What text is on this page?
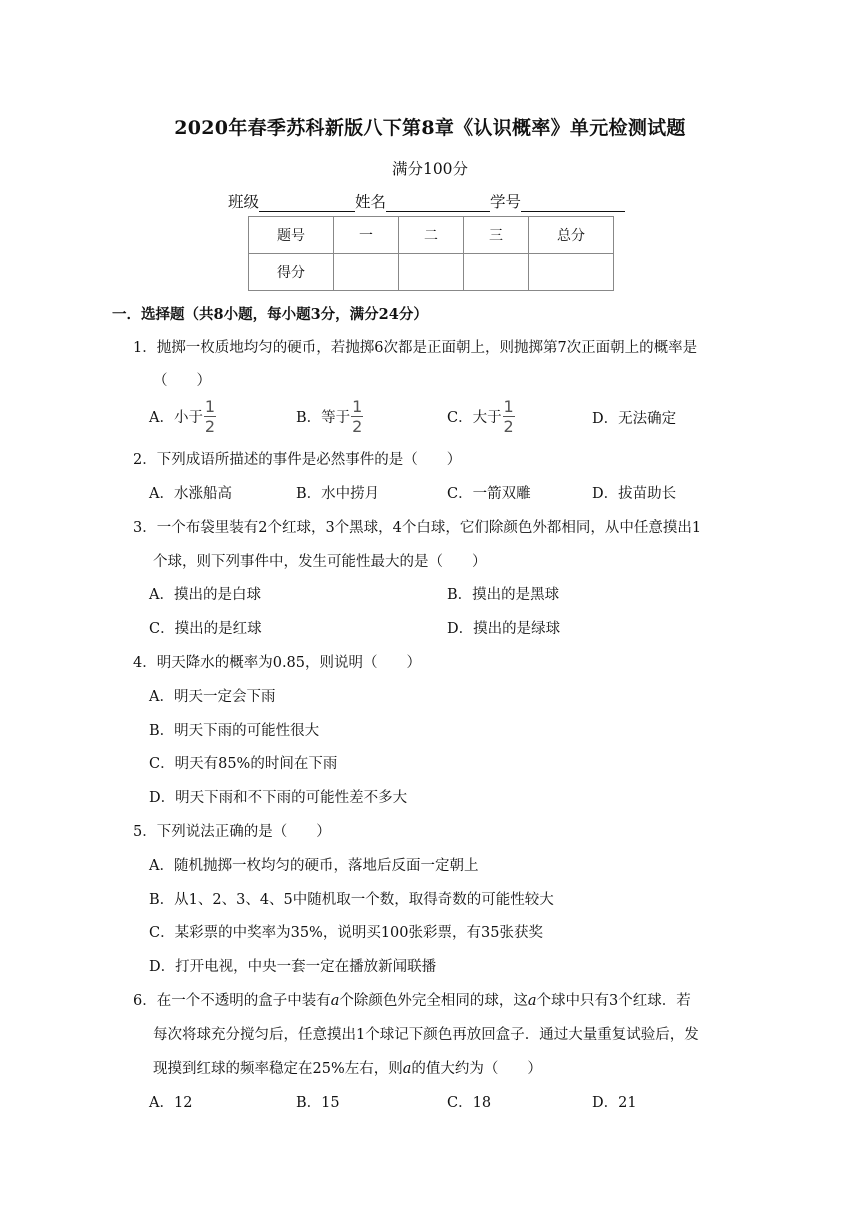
2020年春季苏科新版八下第8章《认识概率》单元检测试题
满分100分
班级	姓名	学号
题号	一	二	三	总分
得分				
一．选择题（共8小题，每小题3分，满分24分）
1．抛掷一枚质地均匀的硬币，若抛掷6次都是正面朝上，则抛掷第7次正面朝上的概率是
（　　）
A．小于 $\frac{1}{2}$	B．等于 $\frac{1}{2}$	C．大于 $\frac{1}{2}$	D．无法确定
2．下列成语所描述的事件是必然事件的是（　　）
A．水涨船高	B．水中捞月	C．一箭双雕	D．拔苗助长
3．一个布袋里装有2个红球，3个黑球，4个白球，它们除颜色外都相同，从中任意摸出1
个球，则下列事件中，发生可能性最大的是（　　）
A．摸出的是白球	B．摸出的是黑球
C．摸出的是红球	D．摸出的是绿球
4．明天降水的概率为0.85，则说明（　　）
A．明天一定会下雨
B．明天下雨的可能性很大
C．明天有85%的时间在下雨
D．明天下雨和不下雨的可能性差不多大
5．下列说法正确的是（　　）
A．随机抛掷一枚均匀的硬币，落地后反面一定朝上
B．从1、2、3、4、5中随机取一个数，取得奇数的可能性较大
C．某彩票的中奖率为35%，说明买100张彩票，有35张获奖
D．打开电视，中央一套一定在播放新闻联播
6．在一个不透明的盒子中装有a个除颜色外完全相同的球，这a个球中只有3个红球．若
每次将球充分搅匀后，任意摸出1个球记下颜色再放回盒子．通过大量重复试验后，发
现摸到红球的频率稳定在25%左右，则a的值大约为（　　）
A．12	B．15	C．18	D．21
